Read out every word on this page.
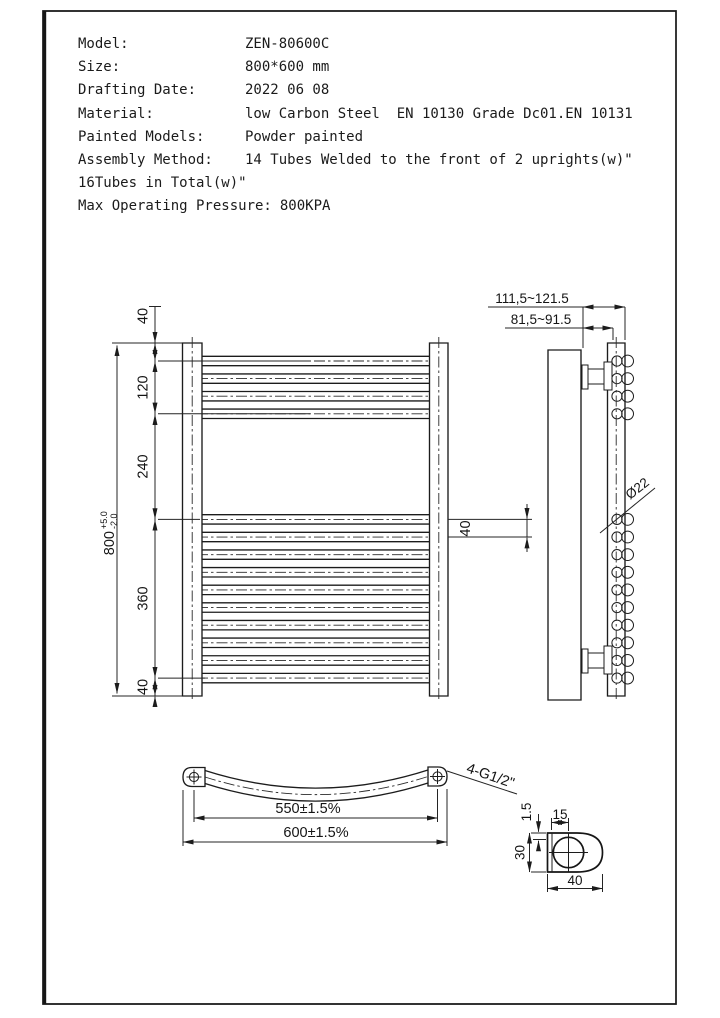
Model:	ZEN-80600C
Size:	800*600 mm
Drafting Date:	2022 06 08
Material:	low Carbon Steel  EN 10130 Grade Dc01.EN 10131
Painted Models:	Powder painted
Assembly Method:	14 Tubes Welded to the front of 2 uprights(w)"
16Tubes in Total(w)"
Max Operating Pressure: 800KPA
40
120
240
360
40
800
+5.0 -2.0	40
111,5~121.5
81,5~91.5
Ø22
550±1.5%
600±1.5%
4-G1/2"
15
1.5
30
40
